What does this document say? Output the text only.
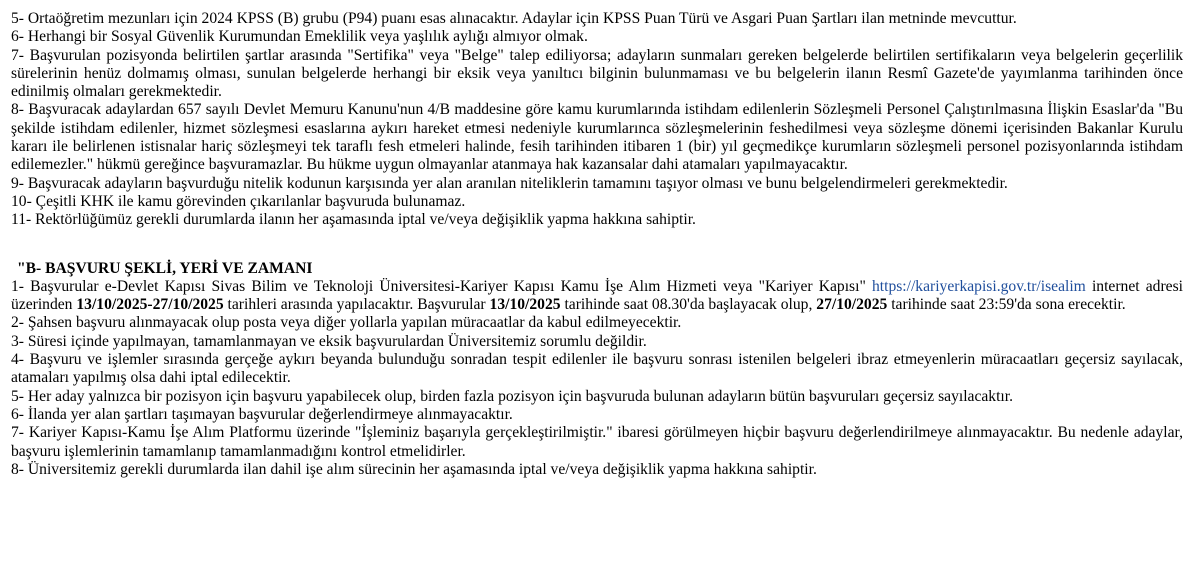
5- Ortaöğretim mezunları için 2024 KPSS (B) grubu (P94) puanı esas alınacaktır. Adaylar için KPSS Puan Türü ve Asgari Puan Şartları ilan metninde mevcuttur.

6- Herhangi bir Sosyal Güvenlik Kurumundan Emeklilik veya yaşlılık aylığı almıyor olmak.

7- Başvurulan pozisyonda belirtilen şartlar arasında "Sertifika" veya "Belge" talep ediliyorsa; adayların sunmaları gereken belgelerde belirtilen sertifikaların veya belgelerin geçerlilik sürelerinin henüz dolmamış olması, sunulan belgelerde herhangi bir eksik veya yanıltıcı bilginin bulunmaması ve bu belgelerin ilanın Resmî Gazete'de yayımlanma tarihinden önce edinilmiş olmaları gerekmektedir.

8- Başvuracak adaylardan 657 sayılı Devlet Memuru Kanunu'nun 4/B maddesine göre kamu kurumlarında istihdam edilenlerin Sözleşmeli Personel Çalıştırılmasına İlişkin Esaslar'da "Bu şekilde istihdam edilenler, hizmet sözleşmesi esaslarına aykırı hareket etmesi nedeniyle kurumlarınca sözleşmelerinin feshedilmesi veya sözleşme dönemi içerisinden Bakanlar Kurulu kararı ile belirlenen istisnalar hariç sözleşmeyi tek taraflı fesh etmeleri halinde, fesih tarihinden itibaren 1 (bir) yıl geçmedikçe kurumların sözleşmeli personel pozisyonlarında istihdam edilemezler." hükmü gereğince başvuramazlar. Bu hükme uygun olmayanlar atanmaya hak kazansalar dahi atamaları yapılmayacaktır.

9- Başvuracak adayların başvurduğu nitelik kodunun karşısında yer alan aranılan niteliklerin tamamını taşıyor olması ve bunu belgelendirmeleri gerekmektedir.

10- Çeşitli KHK ile kamu görevinden çıkarılanlar başvuruda bulunamaz.

11- Rektörlüğümüz gerekli durumlarda ilanın her aşamasında iptal ve/veya değişiklik yapma hakkına sahiptir.

"B- BAŞVURU ŞEKLİ, YERİ VE ZAMANI

1- Başvurular e-Devlet Kapısı Sivas Bilim ve Teknoloji Üniversitesi-Kariyer Kapısı Kamu İşe Alım Hizmeti veya "Kariyer Kapısı" https://kariyerkapisi.gov.tr/isealim internet adresi üzerinden 13/10/2025-27/10/2025 tarihleri arasında yapılacaktır. Başvurular 13/10/2025 tarihinde saat 08.30'da başlayacak olup, 27/10/2025 tarihinde saat 23:59'da sona erecektir.

2- Şahsen başvuru alınmayacak olup posta veya diğer yollarla yapılan müracaatlar da kabul edilmeyecektir.

3- Süresi içinde yapılmayan, tamamlanmayan ve eksik başvurulardan Üniversitemiz sorumlu değildir.

4- Başvuru ve işlemler sırasında gerçeğe aykırı beyanda bulunduğu sonradan tespit edilenler ile başvuru sonrası istenilen belgeleri ibraz etmeyenlerin müracaatları geçersiz sayılacak, atamaları yapılmış olsa dahi iptal edilecektir.

5- Her aday yalnızca bir pozisyon için başvuru yapabilecek olup, birden fazla pozisyon için başvuruda bulunan adayların bütün başvuruları geçersiz sayılacaktır.

6- İlanda yer alan şartları taşımayan başvurular değerlendirmeye alınmayacaktır.

7- Kariyer Kapısı-Kamu İşe Alım Platformu üzerinde "İşleminiz başarıyla gerçekleştirilmiştir." ibaresi görülmeyen hiçbir başvuru değerlendirilmeye alınmayacaktır. Bu nedenle adaylar, başvuru işlemlerinin tamamlanıp tamamlanmadığını kontrol etmelidirler.

8- Üniversitemiz gerekli durumlarda ilan dahil işe alım sürecinin her aşamasında iptal ve/veya değişiklik yapma hakkına sahiptir.
